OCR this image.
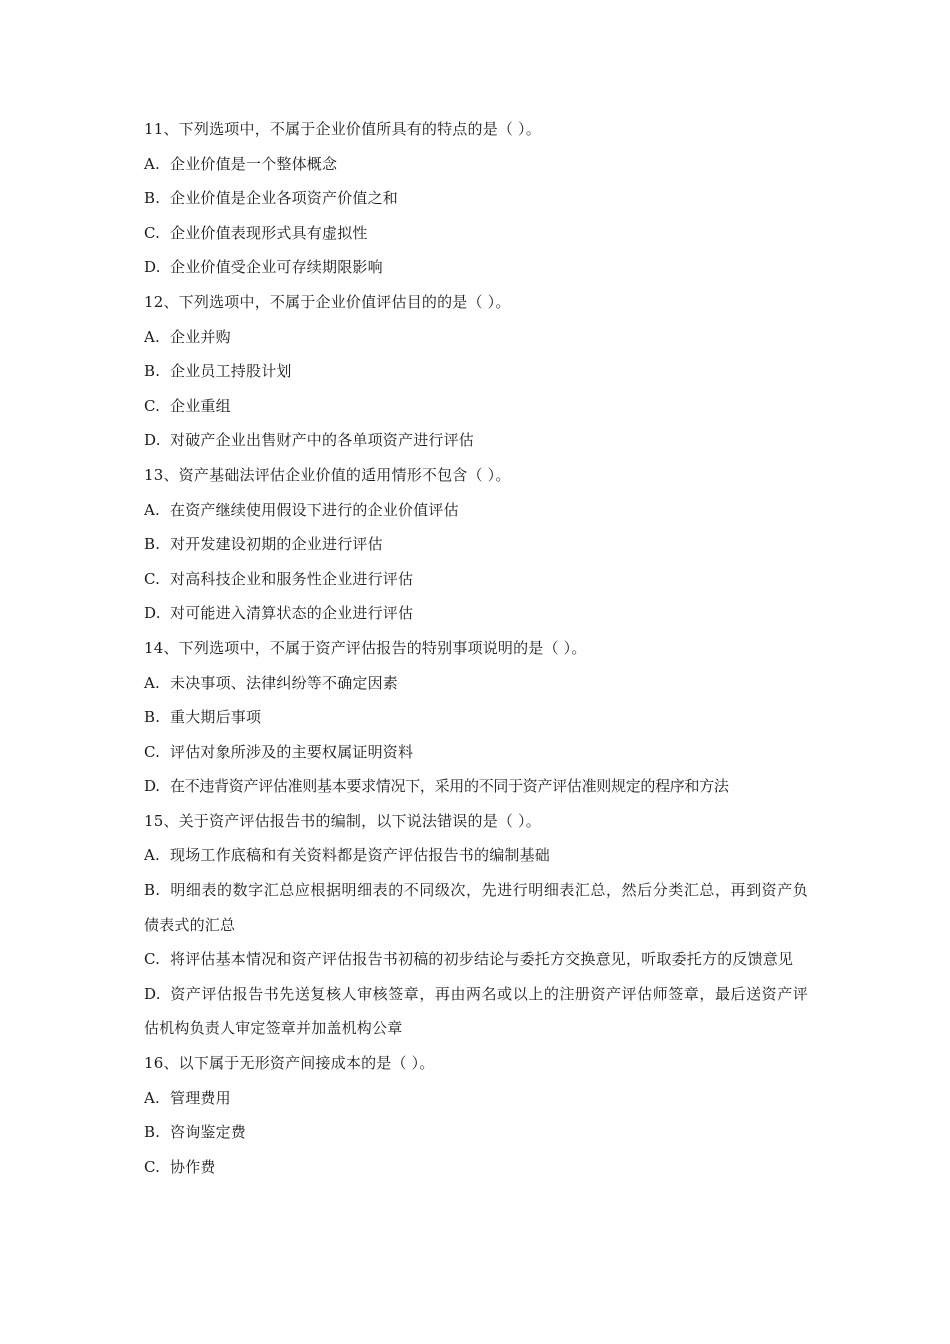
11、下列选项中，不属于企业价值所具有的特点的是（ ）。
A. 企业价值是一个整体概念
B. 企业价值是企业各项资产价值之和
C. 企业价值表现形式具有虚拟性
D. 企业价值受企业可存续期限影响
12、下列选项中，不属于企业价值评估目的的是（ ）。
A. 企业并购
B. 企业员工持股计划
C. 企业重组
D. 对破产企业出售财产中的各单项资产进行评估
13、资产基础法评估企业价值的适用情形不包含（ ）。
A. 在资产继续使用假设下进行的企业价值评估
B. 对开发建设初期的企业进行评估
C. 对高科技企业和服务性企业进行评估
D. 对可能进入清算状态的企业进行评估
14、下列选项中，不属于资产评估报告的特别事项说明的是（ ）。
A. 未决事项、法律纠纷等不确定因素
B. 重大期后事项
C. 评估对象所涉及的主要权属证明资料
D. 在不违背资产评估准则基本要求情况下，采用的不同于资产评估准则规定的程序和方法
15、关于资产评估报告书的编制，以下说法错误的是（ ）。
A. 现场工作底稿和有关资料都是资产评估报告书的编制基础
B. 明细表的数字汇总应根据明细表的不同级次，先进行明细表汇总，然后分类汇总，再到资产负债表式的汇总
C. 将评估基本情况和资产评估报告书初稿的初步结论与委托方交换意见，听取委托方的反馈意见
D. 资产评估报告书先送复核人审核签章，再由两名或以上的注册资产评估师签章，最后送资产评估机构负责人审定签章并加盖机构公章
16、以下属于无形资产间接成本的是（ ）。
A. 管理费用
B. 咨询鉴定费
C. 协作费
